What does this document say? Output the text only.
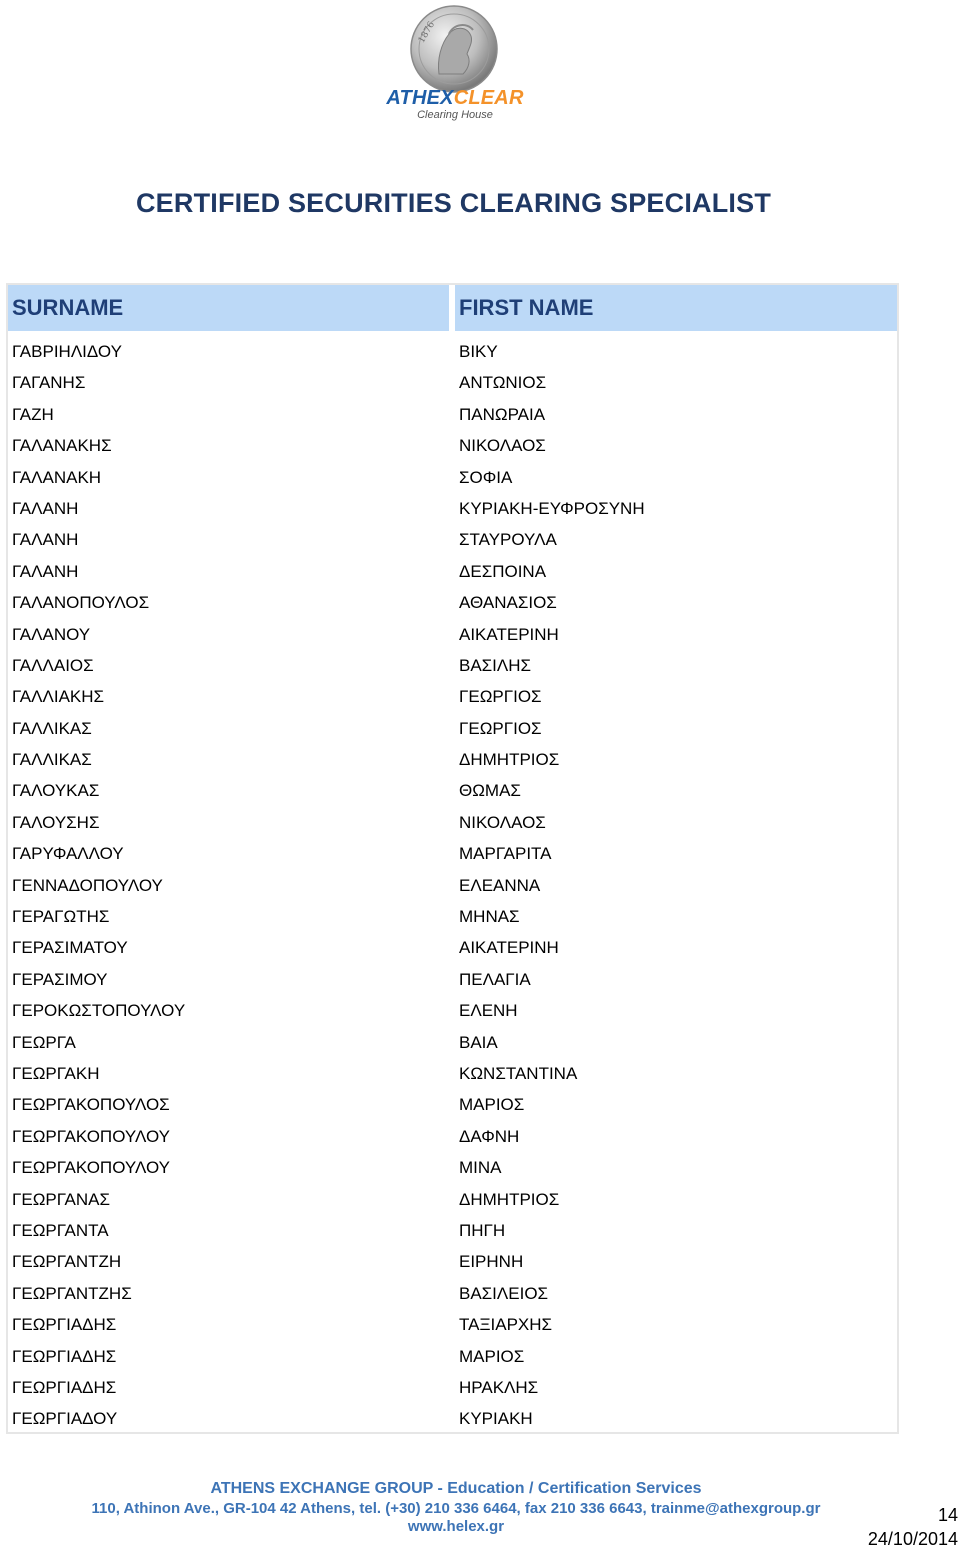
1876
ATHEXCLEAR
Clearing House
CERTIFIED SECURITIES CLEARING SPECIALIST
SURNAME	FIRST NAME
ΓΑΒΡΙΗΛΙΔΟΥ	ΒΙΚΥ
ΓΑΓΑΝΗΣ	ΑΝΤΩΝΙΟΣ
ΓΑΖΗ	ΠΑΝΩΡΑΙΑ
ΓΑΛΑΝΑΚΗΣ	ΝΙΚΟΛΑΟΣ
ΓΑΛΑΝΑΚΗ	ΣΟΦΙΑ
ΓΑΛΑΝΗ	ΚΥΡΙΑΚΗ-ΕΥΦΡΟΣΥΝΗ
ΓΑΛΑΝΗ	ΣΤΑΥΡΟΥΛΑ
ΓΑΛΑΝΗ	ΔΕΣΠΟΙΝΑ
ΓΑΛΑΝΟΠΟΥΛΟΣ	ΑΘΑΝΑΣΙΟΣ
ΓΑΛΑΝΟΥ	ΑΙΚΑΤΕΡΙΝΗ
ΓΑΛΛΑΙΟΣ	ΒΑΣΙΛΗΣ
ΓΑΛΛΙΑΚΗΣ	ΓΕΩΡΓΙΟΣ
ΓΑΛΛΙΚΑΣ	ΓΕΩΡΓΙΟΣ
ΓΑΛΛΙΚΑΣ	ΔΗΜΗΤΡΙΟΣ
ΓΑΛΟΥΚΑΣ	ΘΩΜΑΣ
ΓΑΛΟΥΣΗΣ	ΝΙΚΟΛΑΟΣ
ΓΑΡΥΦΑΛΛΟΥ	ΜΑΡΓΑΡΙΤΑ
ΓΕΝΝΑΔΟΠΟΥΛΟΥ	ΕΛΕΑΝΝΑ
ΓΕΡΑΓΩΤΗΣ	ΜΗΝΑΣ
ΓΕΡΑΣΙΜΑΤΟΥ	ΑΙΚΑΤΕΡΙΝΗ
ΓΕΡΑΣΙΜΟΥ	ΠΕΛΑΓΙΑ
ΓΕΡΟΚΩΣΤΟΠΟΥΛΟΥ	ΕΛΕΝΗ
ΓΕΩΡΓΑ	ΒΑΙΑ
ΓΕΩΡΓΑΚΗ	ΚΩΝΣΤΑΝΤΙΝΑ
ΓΕΩΡΓΑΚΟΠΟΥΛΟΣ	ΜΑΡΙΟΣ
ΓΕΩΡΓΑΚΟΠΟΥΛΟΥ	ΔΑΦΝΗ
ΓΕΩΡΓΑΚΟΠΟΥΛΟΥ	ΜΙΝΑ
ΓΕΩΡΓΑΝΑΣ	ΔΗΜΗΤΡΙΟΣ
ΓΕΩΡΓΑΝΤΑ	ΠΗΓΗ
ΓΕΩΡΓΑΝΤΖΗ	ΕΙΡΗΝΗ
ΓΕΩΡΓΑΝΤΖΗΣ	ΒΑΣΙΛΕΙΟΣ
ΓΕΩΡΓΙΑΔΗΣ	ΤΑΞΙΑΡΧΗΣ
ΓΕΩΡΓΙΑΔΗΣ	ΜΑΡΙΟΣ
ΓΕΩΡΓΙΑΔΗΣ	ΗΡΑΚΛΗΣ
ΓΕΩΡΓΙΑΔΟΥ	ΚΥΡΙΑΚΗ
ATHENS EXCHANGE GROUP - Education / Certification Services
110, Athinon Ave., GR-104 42 Athens, tel. (+30) 210 336 6464, fax 210 336 6643, trainme@athexgroup.gr
www.helex.gr
14
24/10/2014
